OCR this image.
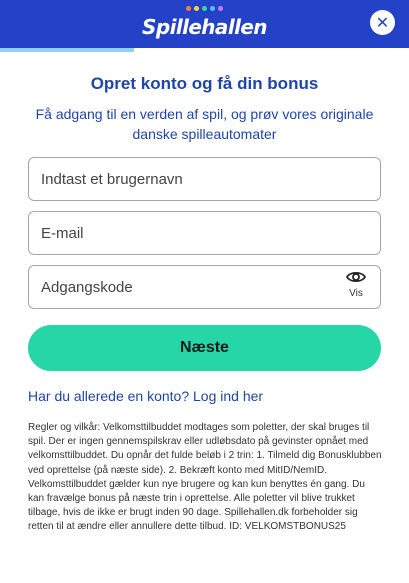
Spillehallen	✕
Opret konto og få din bonus
Få adgang til en verden af spil, og prøv vores originale danske spilleautomater
Indtast et brugernavn
E-mail
Vis
Næste
Har du allerede en konto? Log ind her
Regler og vilkår: Velkomsttilbuddet modtages som poletter, der skal bruges til spil. Der er ingen gennemspilskrav eller udløbsdato på gevinster opnået med velkomsttilbuddet. Du opnår det fulde beløb i 2 trin: 1. Tilmeld dig Bonusklubben ved oprettelse (på næste side). 2. Bekræft konto med MitID/NemID. Velkomsttilbuddet gælder kun nye brugere og kan kun benyttes én gang. Du kan fravælge bonus på næste trin i oprettelse. Alle poletter vil blive trukket tilbage, hvis de ikke er brugt inden 90 dage. Spillehallen.dk forbeholder sig retten til at ændre eller annullere dette tilbud. ID: VELKOMSTBONUS25
